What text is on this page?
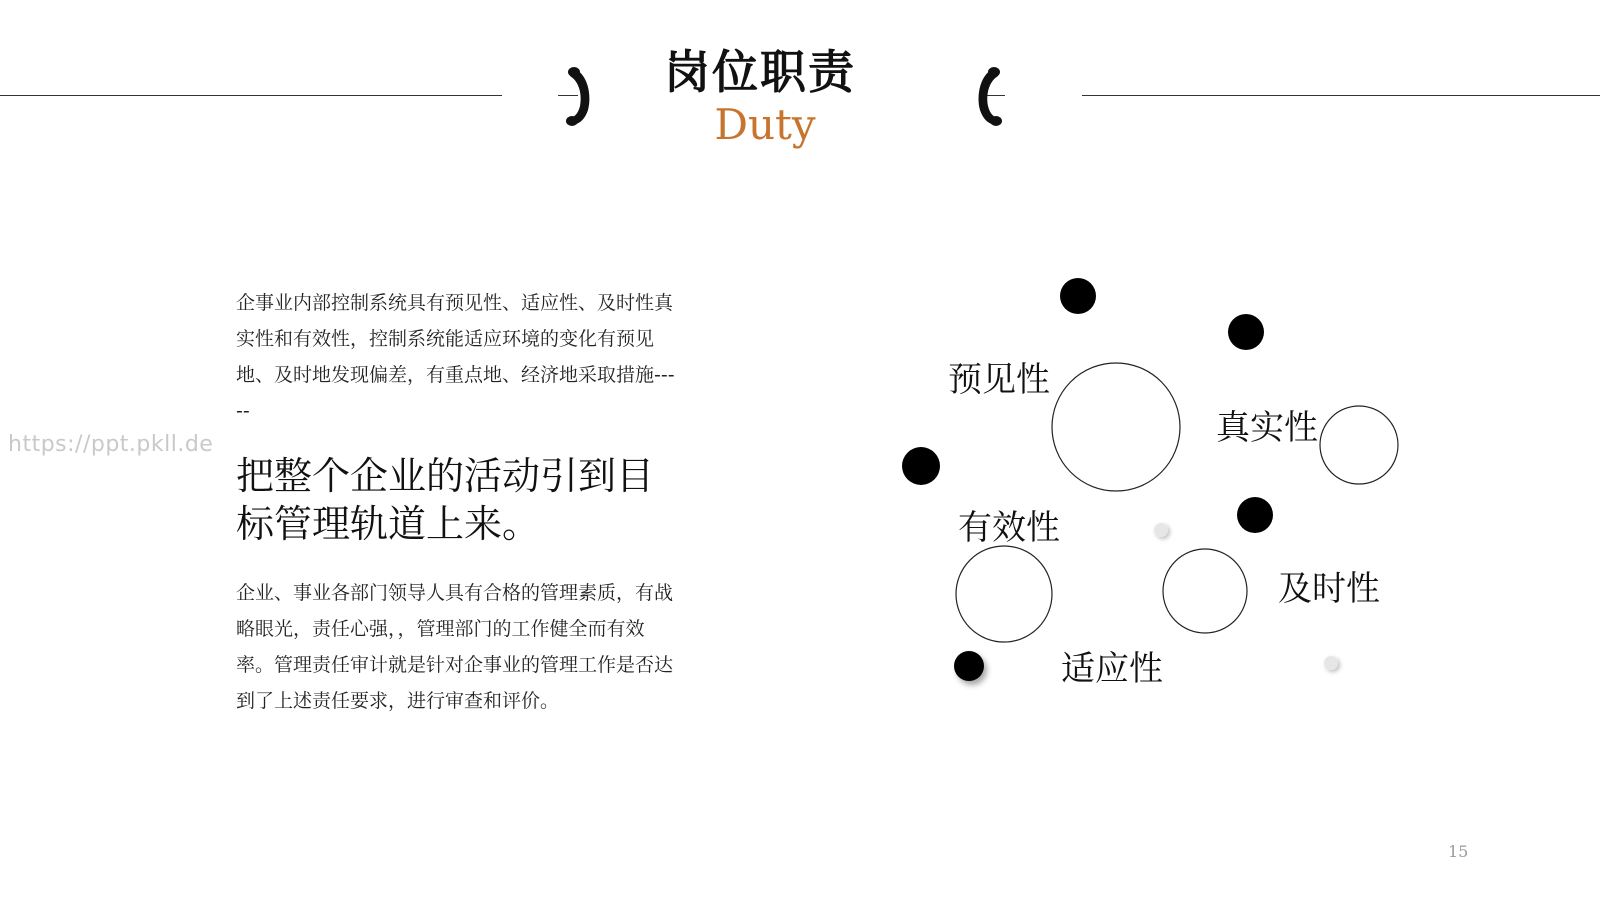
岗位职责
Duty
企事业内部控制系统具有预见性、适应性、及时性真实性和有效性，控制系统能适应环境的变化有预见地、及时地发现偏差，有重点地、经济地采取措施-----
https://ppt.pkll.de
把整个企业的活动引到目标管理轨道上来。
企业、事业各部门领导人具有合格的管理素质，有战略眼光，责任心强，，管理部门的工作健全而有效率。管理责任审计就是针对企事业的管理工作是否达到了上述责任要求，进行审查和评价。
预见性
真实性
有效性
及时性
适应性
15
